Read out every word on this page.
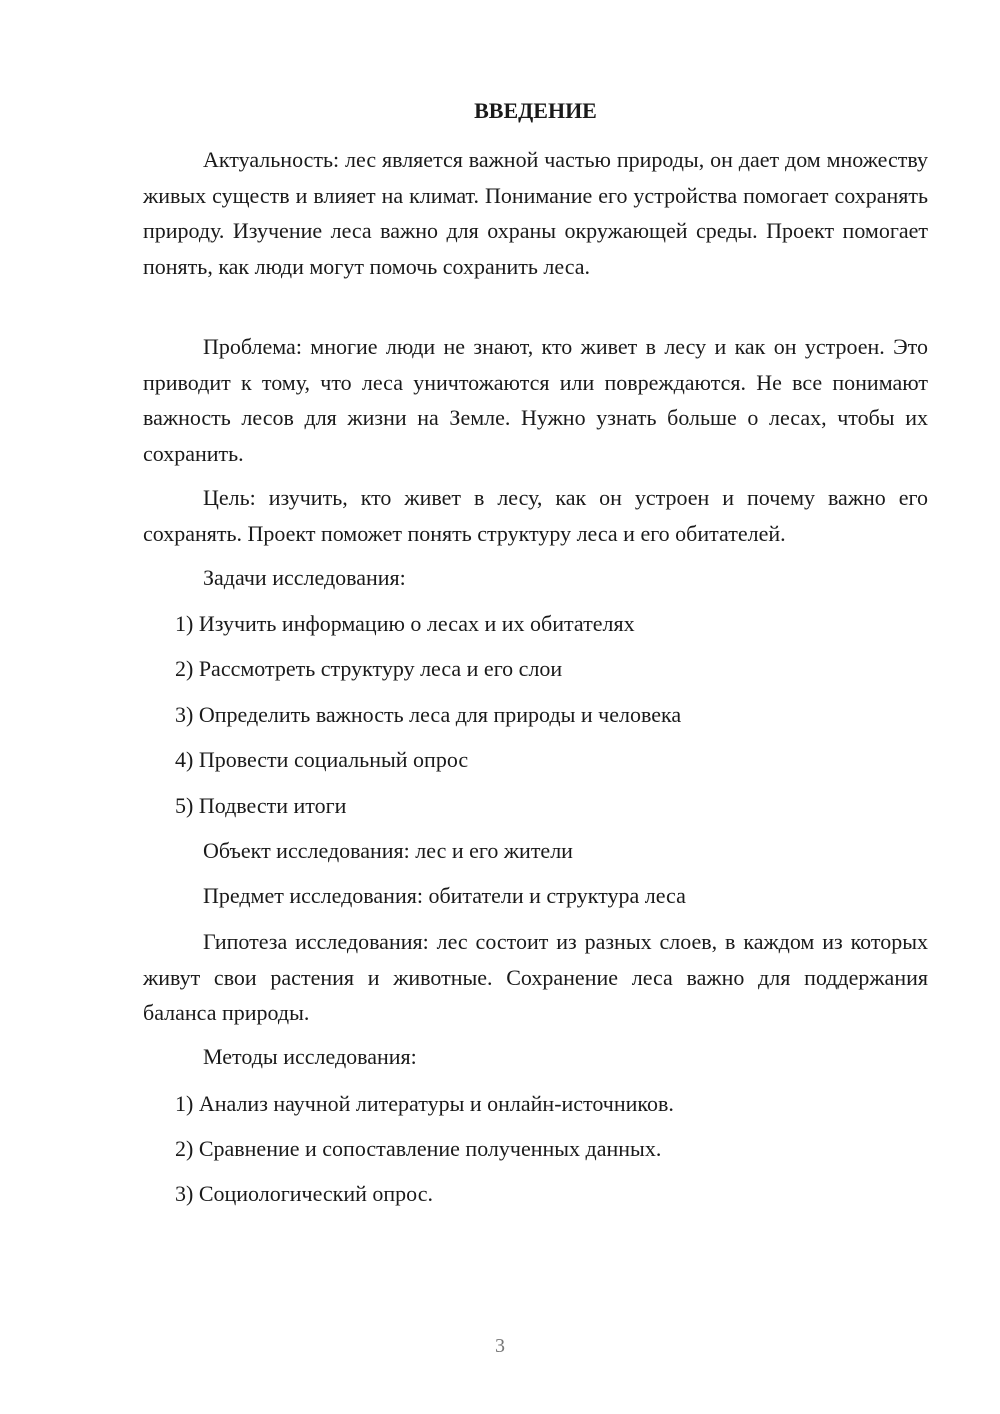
ВВЕДЕНИЕ

Актуальность: лес является важной частью природы, он дает дом множеству живых существ и влияет на климат. Понимание его устройства помогает сохранять природу. Изучение леса важно для охраны окружающей среды. Проект помогает понять, как люди могут помочь сохранить леса.

Проблема: многие люди не знают, кто живет в лесу и как он устроен. Это приводит к тому, что леса уничтожаются или повреждаются. Не все понимают важность лесов для жизни на Земле. Нужно узнать больше о лесах, чтобы их сохранить.

Цель: изучить, кто живет в лесу, как он устроен и почему важно его сохранять. Проект поможет понять структуру леса и его обитателей.

Задачи исследования:

1) Изучить информацию о лесах и их обитателях

2) Рассмотреть структуру леса и его слои

3) Определить важность леса для природы и человека

4) Провести социальный опрос

5) Подвести итоги

Объект исследования: лес и его жители

Предмет исследования: обитатели и структура леса

Гипотеза исследования: лес состоит из разных слоев, в каждом из которых живут свои растения и животные. Сохранение леса важно для поддержания баланса природы.

Методы исследования:

1) Анализ научной литературы и онлайн-источников.

2) Сравнение и сопоставление полученных данных.

3) Социологический опрос.

3
